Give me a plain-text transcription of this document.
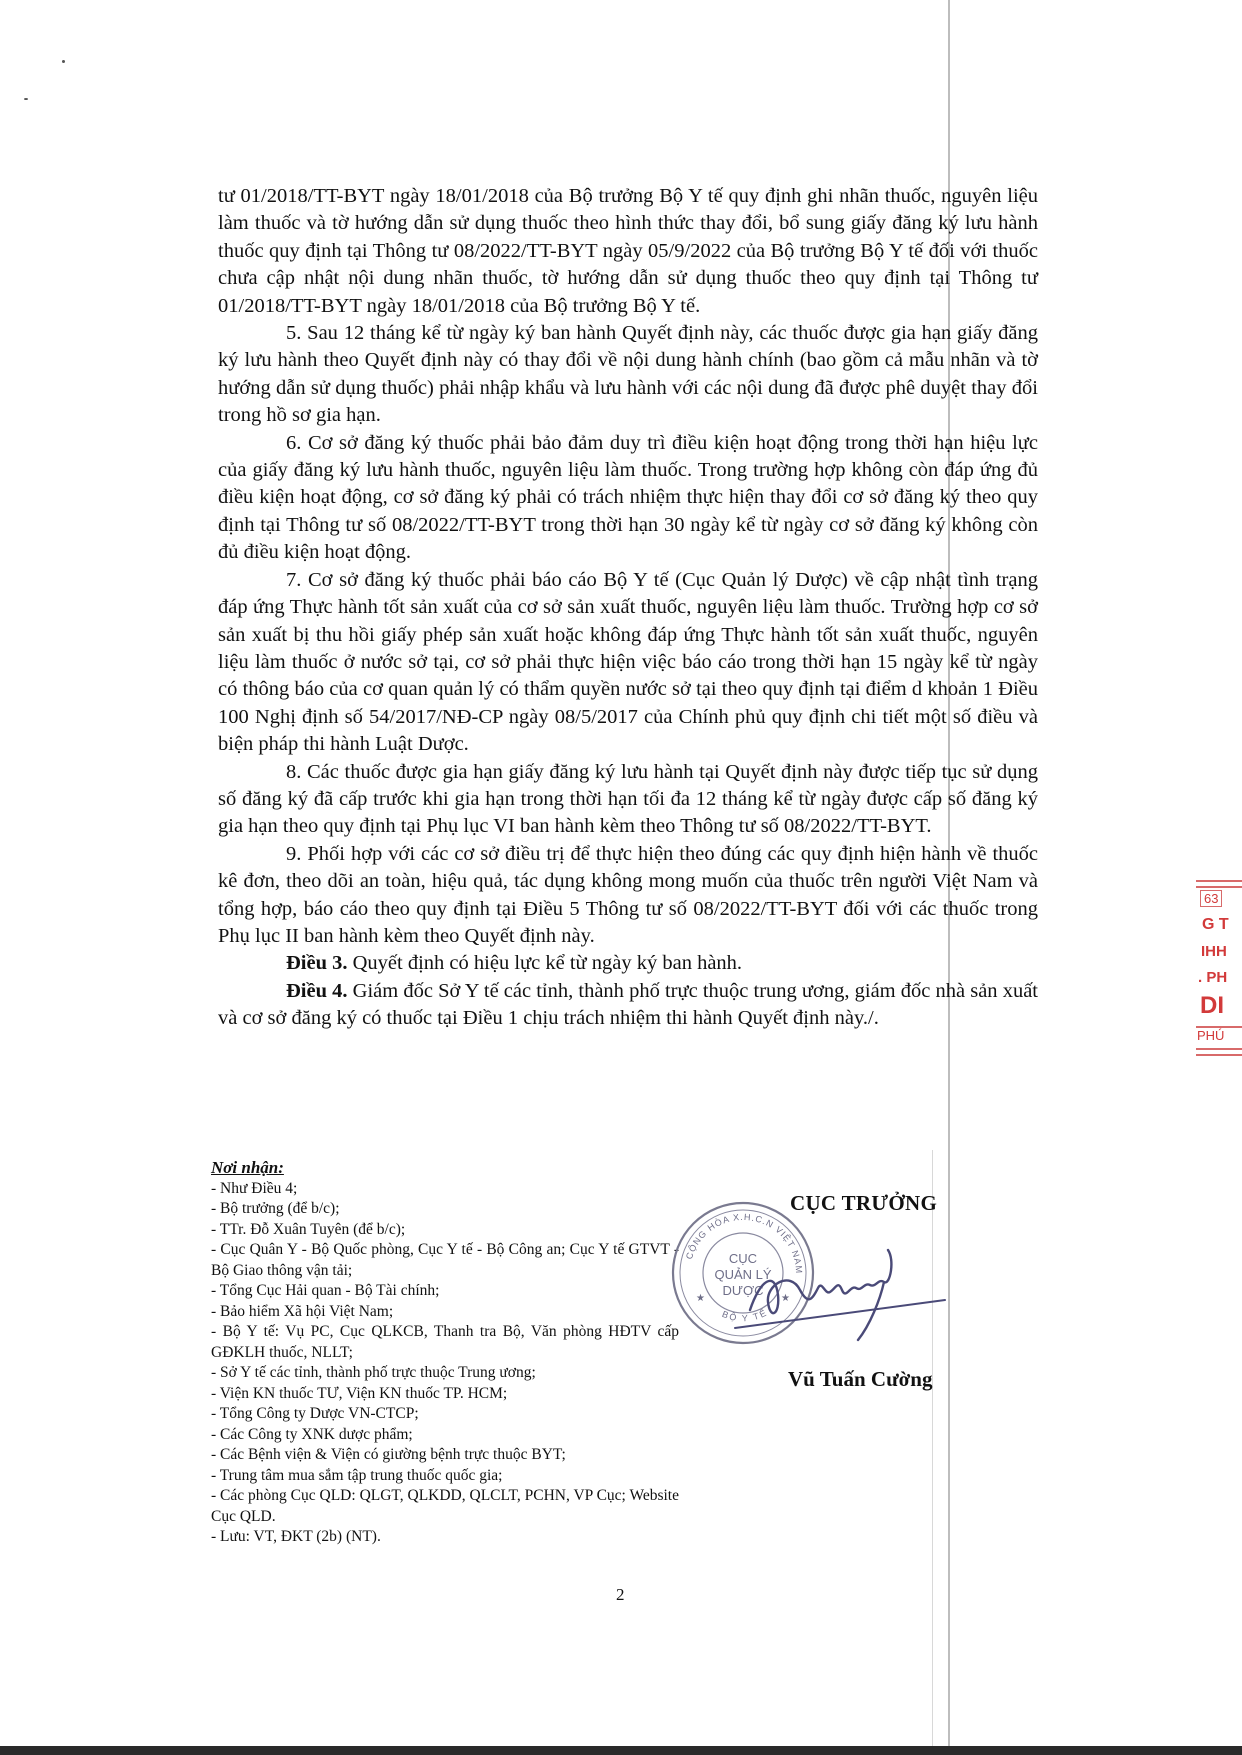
tư 01/2018/TT-BYT ngày 18/01/2018 của Bộ trưởng Bộ Y tế quy định ghi nhãn thuốc, nguyên liệu làm thuốc và tờ hướng dẫn sử dụng thuốc theo hình thức thay đổi, bổ sung giấy đăng ký lưu hành thuốc quy định tại Thông tư 08/2022/TT-BYT ngày 05/9/2022 của Bộ trưởng Bộ Y tế đối với thuốc chưa cập nhật nội dung nhãn thuốc, tờ hướng dẫn sử dụng thuốc theo quy định tại Thông tư 01/2018/TT-BYT ngày 18/01/2018 của Bộ trưởng Bộ Y tế.

5. Sau 12 tháng kể từ ngày ký ban hành Quyết định này, các thuốc được gia hạn giấy đăng ký lưu hành theo Quyết định này có thay đổi về nội dung hành chính (bao gồm cả mẫu nhãn và tờ hướng dẫn sử dụng thuốc) phải nhập khẩu và lưu hành với các nội dung đã được phê duyệt thay đổi trong hồ sơ gia hạn.

6. Cơ sở đăng ký thuốc phải bảo đảm duy trì điều kiện hoạt động trong thời hạn hiệu lực của giấy đăng ký lưu hành thuốc, nguyên liệu làm thuốc. Trong trường hợp không còn đáp ứng đủ điều kiện hoạt động, cơ sở đăng ký phải có trách nhiệm thực hiện thay đổi cơ sở đăng ký theo quy định tại Thông tư số 08/2022/TT-BYT trong thời hạn 30 ngày kể từ ngày cơ sở đăng ký không còn đủ điều kiện hoạt động.

7. Cơ sở đăng ký thuốc phải báo cáo Bộ Y tế (Cục Quản lý Dược) về cập nhật tình trạng đáp ứng Thực hành tốt sản xuất của cơ sở sản xuất thuốc, nguyên liệu làm thuốc. Trường hợp cơ sở sản xuất bị thu hồi giấy phép sản xuất hoặc không đáp ứng Thực hành tốt sản xuất thuốc, nguyên liệu làm thuốc ở nước sở tại, cơ sở phải thực hiện việc báo cáo trong thời hạn 15 ngày kể từ ngày có thông báo của cơ quan quản lý có thẩm quyền nước sở tại theo quy định tại điểm d khoản 1 Điều 100 Nghị định số 54/2017/NĐ-CP ngày 08/5/2017 của Chính phủ quy định chi tiết một số điều và biện pháp thi hành Luật Dược.

8. Các thuốc được gia hạn giấy đăng ký lưu hành tại Quyết định này được tiếp tục sử dụng số đăng ký đã cấp trước khi gia hạn trong thời hạn tối đa 12 tháng kể từ ngày được cấp số đăng ký gia hạn theo quy định tại Phụ lục VI ban hành kèm theo Thông tư số 08/2022/TT-BYT.

9. Phối hợp với các cơ sở điều trị để thực hiện theo đúng các quy định hiện hành về thuốc kê đơn, theo dõi an toàn, hiệu quả, tác dụng không mong muốn của thuốc trên người Việt Nam và tổng hợp, báo cáo theo quy định tại Điều 5 Thông tư số 08/2022/TT-BYT đối với các thuốc trong Phụ lục II ban hành kèm theo Quyết định này.

Điều 3. Quyết định có hiệu lực kể từ ngày ký ban hành.

Điều 4. Giám đốc Sở Y tế các tỉnh, thành phố trực thuộc trung ương, giám đốc nhà sản xuất và cơ sở đăng ký có thuốc tại Điều 1 chịu trách nhiệm thi hành Quyết định này./.

Nơi nhận:
- Như Điều 4;
- Bộ trưởng (để b/c);
- TTr. Đỗ Xuân Tuyên (để b/c);
- Cục Quân Y - Bộ Quốc phòng, Cục Y tế - Bộ Công an; Cục Y tế GTVT - Bộ Giao thông vận tải;
- Tổng Cục Hải quan - Bộ Tài chính;
- Bảo hiểm Xã hội Việt Nam;
- Bộ Y tế: Vụ PC, Cục QLKCB, Thanh tra Bộ, Văn phòng HĐTV cấp GĐKLH thuốc, NLLT;
- Sở Y tế các tỉnh, thành phố trực thuộc Trung ương;
- Viện KN thuốc TƯ, Viện KN thuốc TP. HCM;
- Tổng Công ty Dược VN-CTCP;
- Các Công ty XNK dược phẩm;
- Các Bệnh viện & Viện có giường bệnh trực thuộc BYT;
- Trung tâm mua sắm tập trung thuốc quốc gia;
- Các phòng Cục QLD: QLGT, QLKDD, QLCLT, PCHN, VP Cục; Website Cục QLD.
- Lưu: VT, ĐKT (2b) (NT).
CỤC TRƯỞNG
CỘNG HÒA X.H.C.N VIỆT NAM
BỘ Y TẾ
CỤC
QUẢN LÝ
DƯỢC
★	★
Vũ Tuấn Cường
2
63
G T
IHH
. PH
DI
PHÚ
